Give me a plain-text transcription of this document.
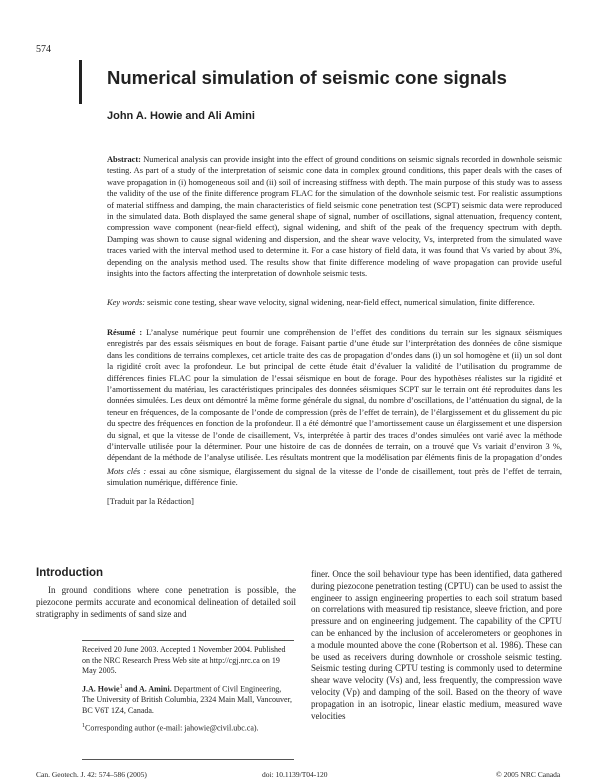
574
Numerical simulation of seismic cone signals
John A. Howie and Ali Amini

Abstract: Numerical analysis can provide insight into the effect of ground conditions on seismic signals recorded in downhole seismic testing. As part of a study of the interpretation of seismic cone data in complex ground conditions, this paper deals with the cases of wave propagation in (i) homogeneous soil and (ii) soil of increasing stiffness with depth. The main purpose of this study was to assess the validity of the use of the finite difference program FLAC for the simulation of the downhole seismic test. For realistic assumptions of material stiffness and damping, the main characteristics of field seismic cone penetration test (SCPT) seismic data were reproduced in the simulated data. Both displayed the same general shape of signal, number of oscillations, signal attenuation, frequency content, compression wave component (near-field effect), signal widening, and shift of the peak of the frequency spectrum with depth. Damping was shown to cause signal widening and dispersion, and the shear wave velocity, Vs, interpreted from the simulated wave traces varied with the interval method used to determine it. For a case history of field data, it was found that Vs varied by about 3%, depending on the analysis method used. The results show that finite difference modeling of wave propagation can provide useful insights into the factors affecting the interpretation of downhole seismic tests.

Key words: seismic cone testing, shear wave velocity, signal widening, near-field effect, numerical simulation, finite difference.

Résumé : L’analyse numérique peut fournir une compréhension de l’effet des conditions du terrain sur les signaux séismiques enregistrés par des essais séismiques en bout de forage. Faisant partie d’une étude sur l’interprétation des données de cône sismique dans les conditions de terrains complexes, cet article traite des cas de propagation d’ondes dans (i) un sol homogène et (ii) un sol dont la rigidité croît avec la profondeur. Le but principal de cette étude était d’évaluer la validité de l’utilisation du programme de différences finies FLAC pour la simulation de l’essai séismique en bout de forage. Pour des hypothèses réalistes sur la rigidité et l’amortissement du matériau, les caractéristiques principales des données séismiques SCPT sur le terrain ont été reproduites dans les données simulées. Les deux ont démontré la même forme générale du signal, du nombre d’oscillations, de l’atténuation du signal, de la teneur en fréquences, de la composante de l’onde de compression (près de l’effet de terrain), de l’élargissement et du glissement du pic du spectre des fréquences en fonction de la profondeur. Il a été démontré que l’amortissement cause un élargissement et une dispersion du signal, et que la vitesse de l’onde de cisaillement, Vs, interprétée à partir des traces d’ondes simulées ont varié avec la méthode d’intervalle utilisée pour la déterminer. Pour une histoire de cas de données de terrain, on a trouvé que Vs variait d’environ 3 %, dépendant de la méthode de l’analyse utilisée. Les résultats montrent que la modélisation par éléments finis de la propagation d’ondes

Mots clés : essai au cône sismique, élargissement du signal de la vitesse de l’onde de cisaillement, tout près de l’effet de terrain, simulation numérique, différence finie.

[Traduit par la Rédaction]
Introduction
In ground conditions where cone penetration is possible, the piezocone permits accurate and economical delineation of detailed soil stratigraphy in sediments of sand size and

Received 20 June 2003. Accepted 1 November 2004. Published on the NRC Research Press Web site at http://cgj.nrc.ca on 19 May 2005.

J.A. Howie$^1$ and A. Amini. Department of Civil Engineering, The University of British Columbia, 2324 Main Mall, Vancouver, BC V6T 1Z4, Canada.

$^1$Corresponding author (e-mail: jahowie@civil.ubc.ca).

finer. Once the soil behaviour type has been identified, data gathered during piezocone penetration testing (CPTU) can be used to assist the engineer to assign engineering properties to each soil stratum based on correlations with measured tip resistance, sleeve friction, and pore pressure and on engineering judgement. The capability of the CPTU can be enhanced by the inclusion of accelerometers or geophones in a module mounted above the cone (Robertson et al. 1986). These can be used as receivers during downhole or crosshole seismic testing. Seismic testing during CPTU testing is commonly used to determine shear wave velocity (Vs) and, less frequently, the compression wave velocity (Vp) and damping of the soil. Based on the theory of wave propagation in an isotropic, linear elastic medium, measured wave velocities
Can. Geotech. J. 42: 574–586 (2005)	doi: 10.1139/T04-120	© 2005 NRC Canada
